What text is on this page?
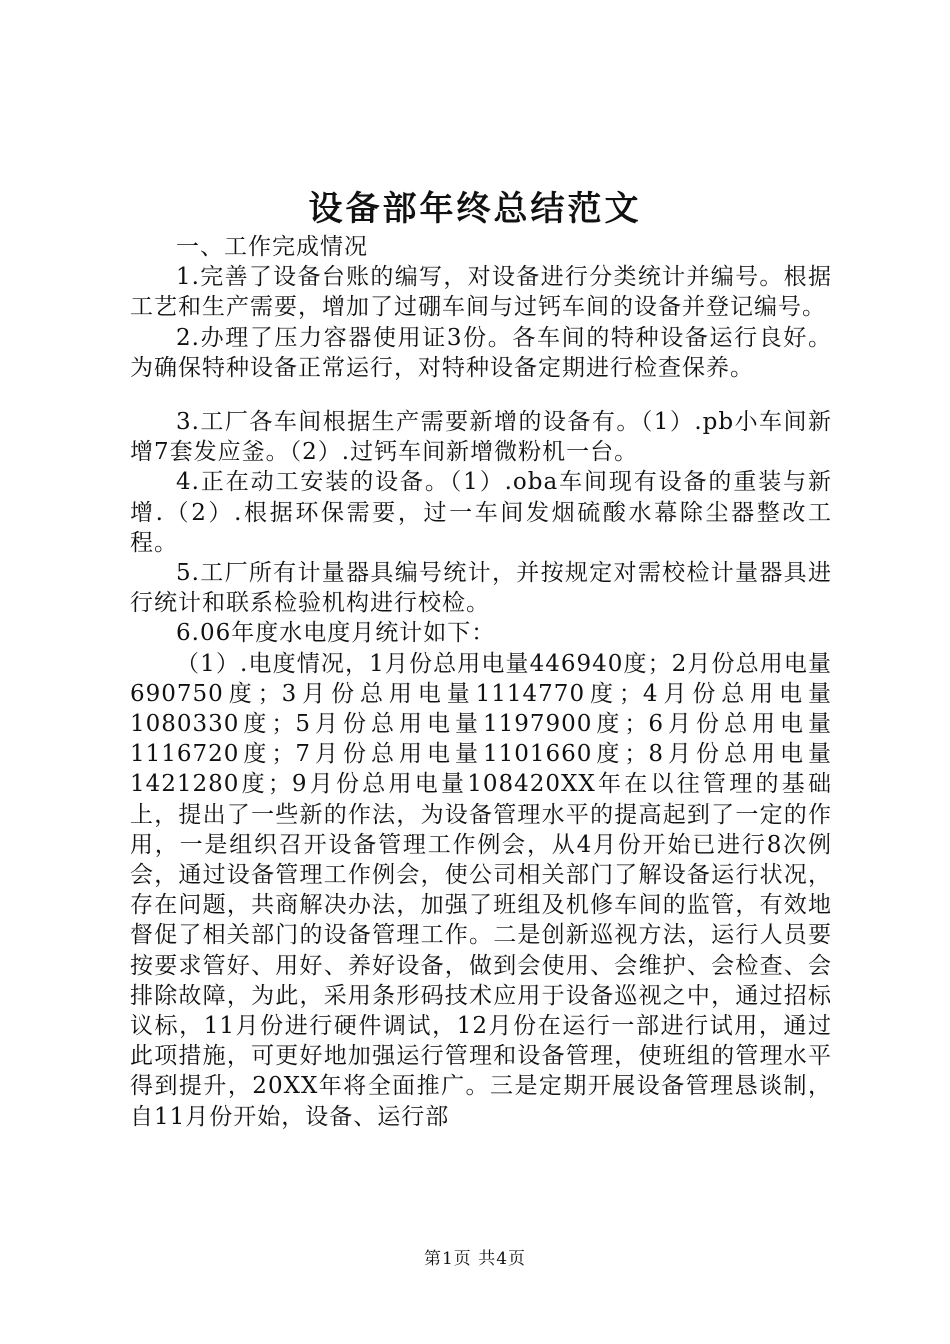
设备部年终总结范文

一、工作完成情况

1.完善了设备台账的编写，对设备进行分类统计并编号。根据工艺和生产需要，增加了过硼车间与过钙车间的设备并登记编号。

2.办理了压力容器使用证3份。各车间的特种设备运行良好。为确保特种设备正常运行，对特种设备定期进行检查保养。

3.工厂各车间根据生产需要新增的设备有。（1）.pb小车间新增7套发应釜。（2）.过钙车间新增微粉机一台。

4.正在动工安装的设备。（1）.oba车间现有设备的重装与新增.（2）.根据环保需要，过一车间发烟硫酸水幕除尘器整改工程。

5.工厂所有计量器具编号统计，并按规定对需校检计量器具进行统计和联系检验机构进行校检。

6.06年度水电度月统计如下：

（1）.电度情况，1月份总用电量446940度；2月份总用电量690750度；3月份总用电量1114770度；4月份总用电量1080330度；5月份总用电量1197900度；6月份总用电量1116720度；7月份总用电量1101660度；8月份总用电量1421280度；9月份总用电量108420XX年在以往管理的基础上，提出了一些新的作法，为设备管理水平的提高起到了一定的作用，一是组织召开设备管理工作例会，从4月份开始已进行8次例会，通过设备管理工作例会，使公司相关部门了解设备运行状况，存在问题，共商解决办法，加强了班组及机修车间的监管，有效地督促了相关部门的设备管理工作。二是创新巡视方法，运行人员要按要求管好、用好、养好设备，做到会使用、会维护、会检查、会排除故障，为此，采用条形码技术应用于设备巡视之中，通过招标议标，11月份进行硬件调试，12月份在运行一部进行试用，通过此项措施，可更好地加强运行管理和设备管理，使班组的管理水平得到提升，20XX年将全面推广。三是定期开展设备管理恳谈制，自11月份开始，设备、运行部

第1页 共4页
